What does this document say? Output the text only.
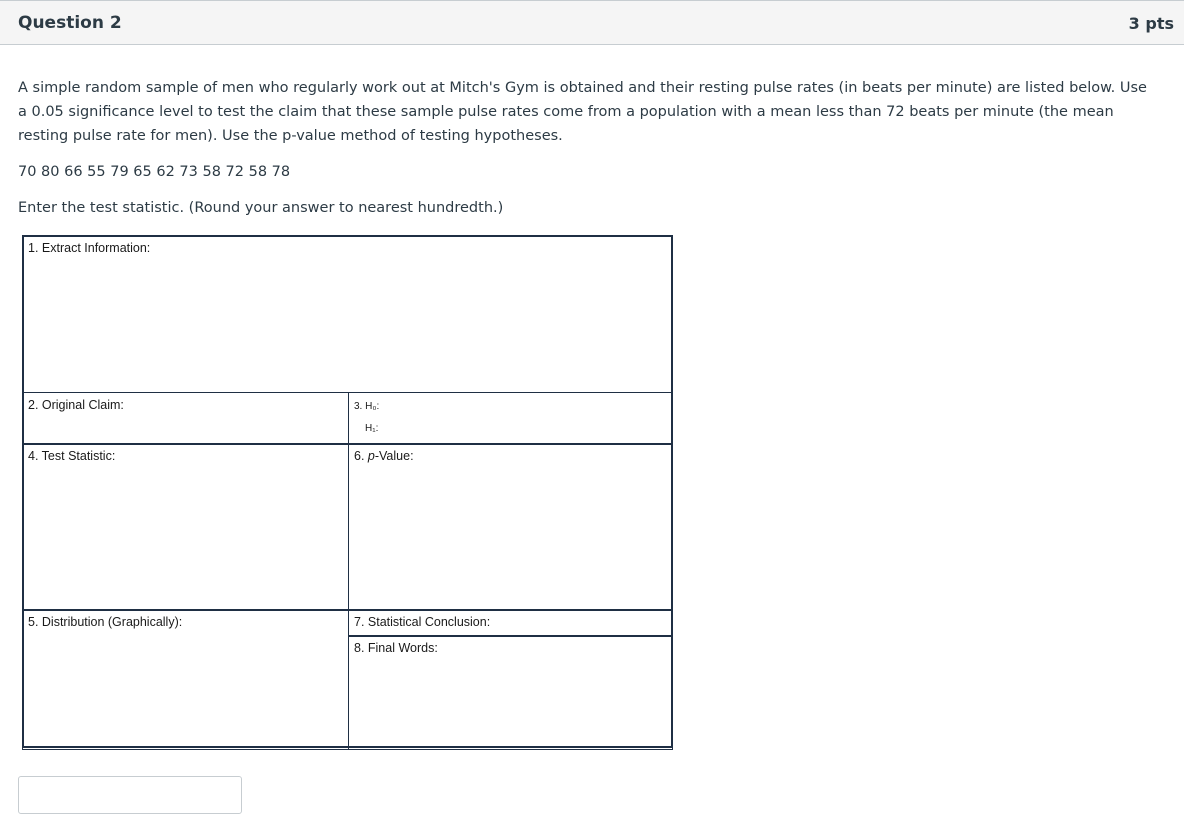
Question 2	3 pts
A simple random sample of men who regularly work out at Mitch's Gym is obtained and their resting pulse rates (in beats per minute) are listed below. Use a 0.05 significance level to test the claim that these sample pulse rates come from a population with a mean less than 72 beats per minute (the mean resting pulse rate for men). Use the p-value method of testing hypotheses.
70 80 66 55 79 65 62 73 58 72 58 78
Enter the test statistic. (Round your answer to nearest hundredth.)
1. Extract Information:
2. Original Claim:	3. H₀:
H₁:
4. Test Statistic:	6. p-Value:
5. Distribution (Graphically):	7. Statistical Conclusion:
8. Final Words:
